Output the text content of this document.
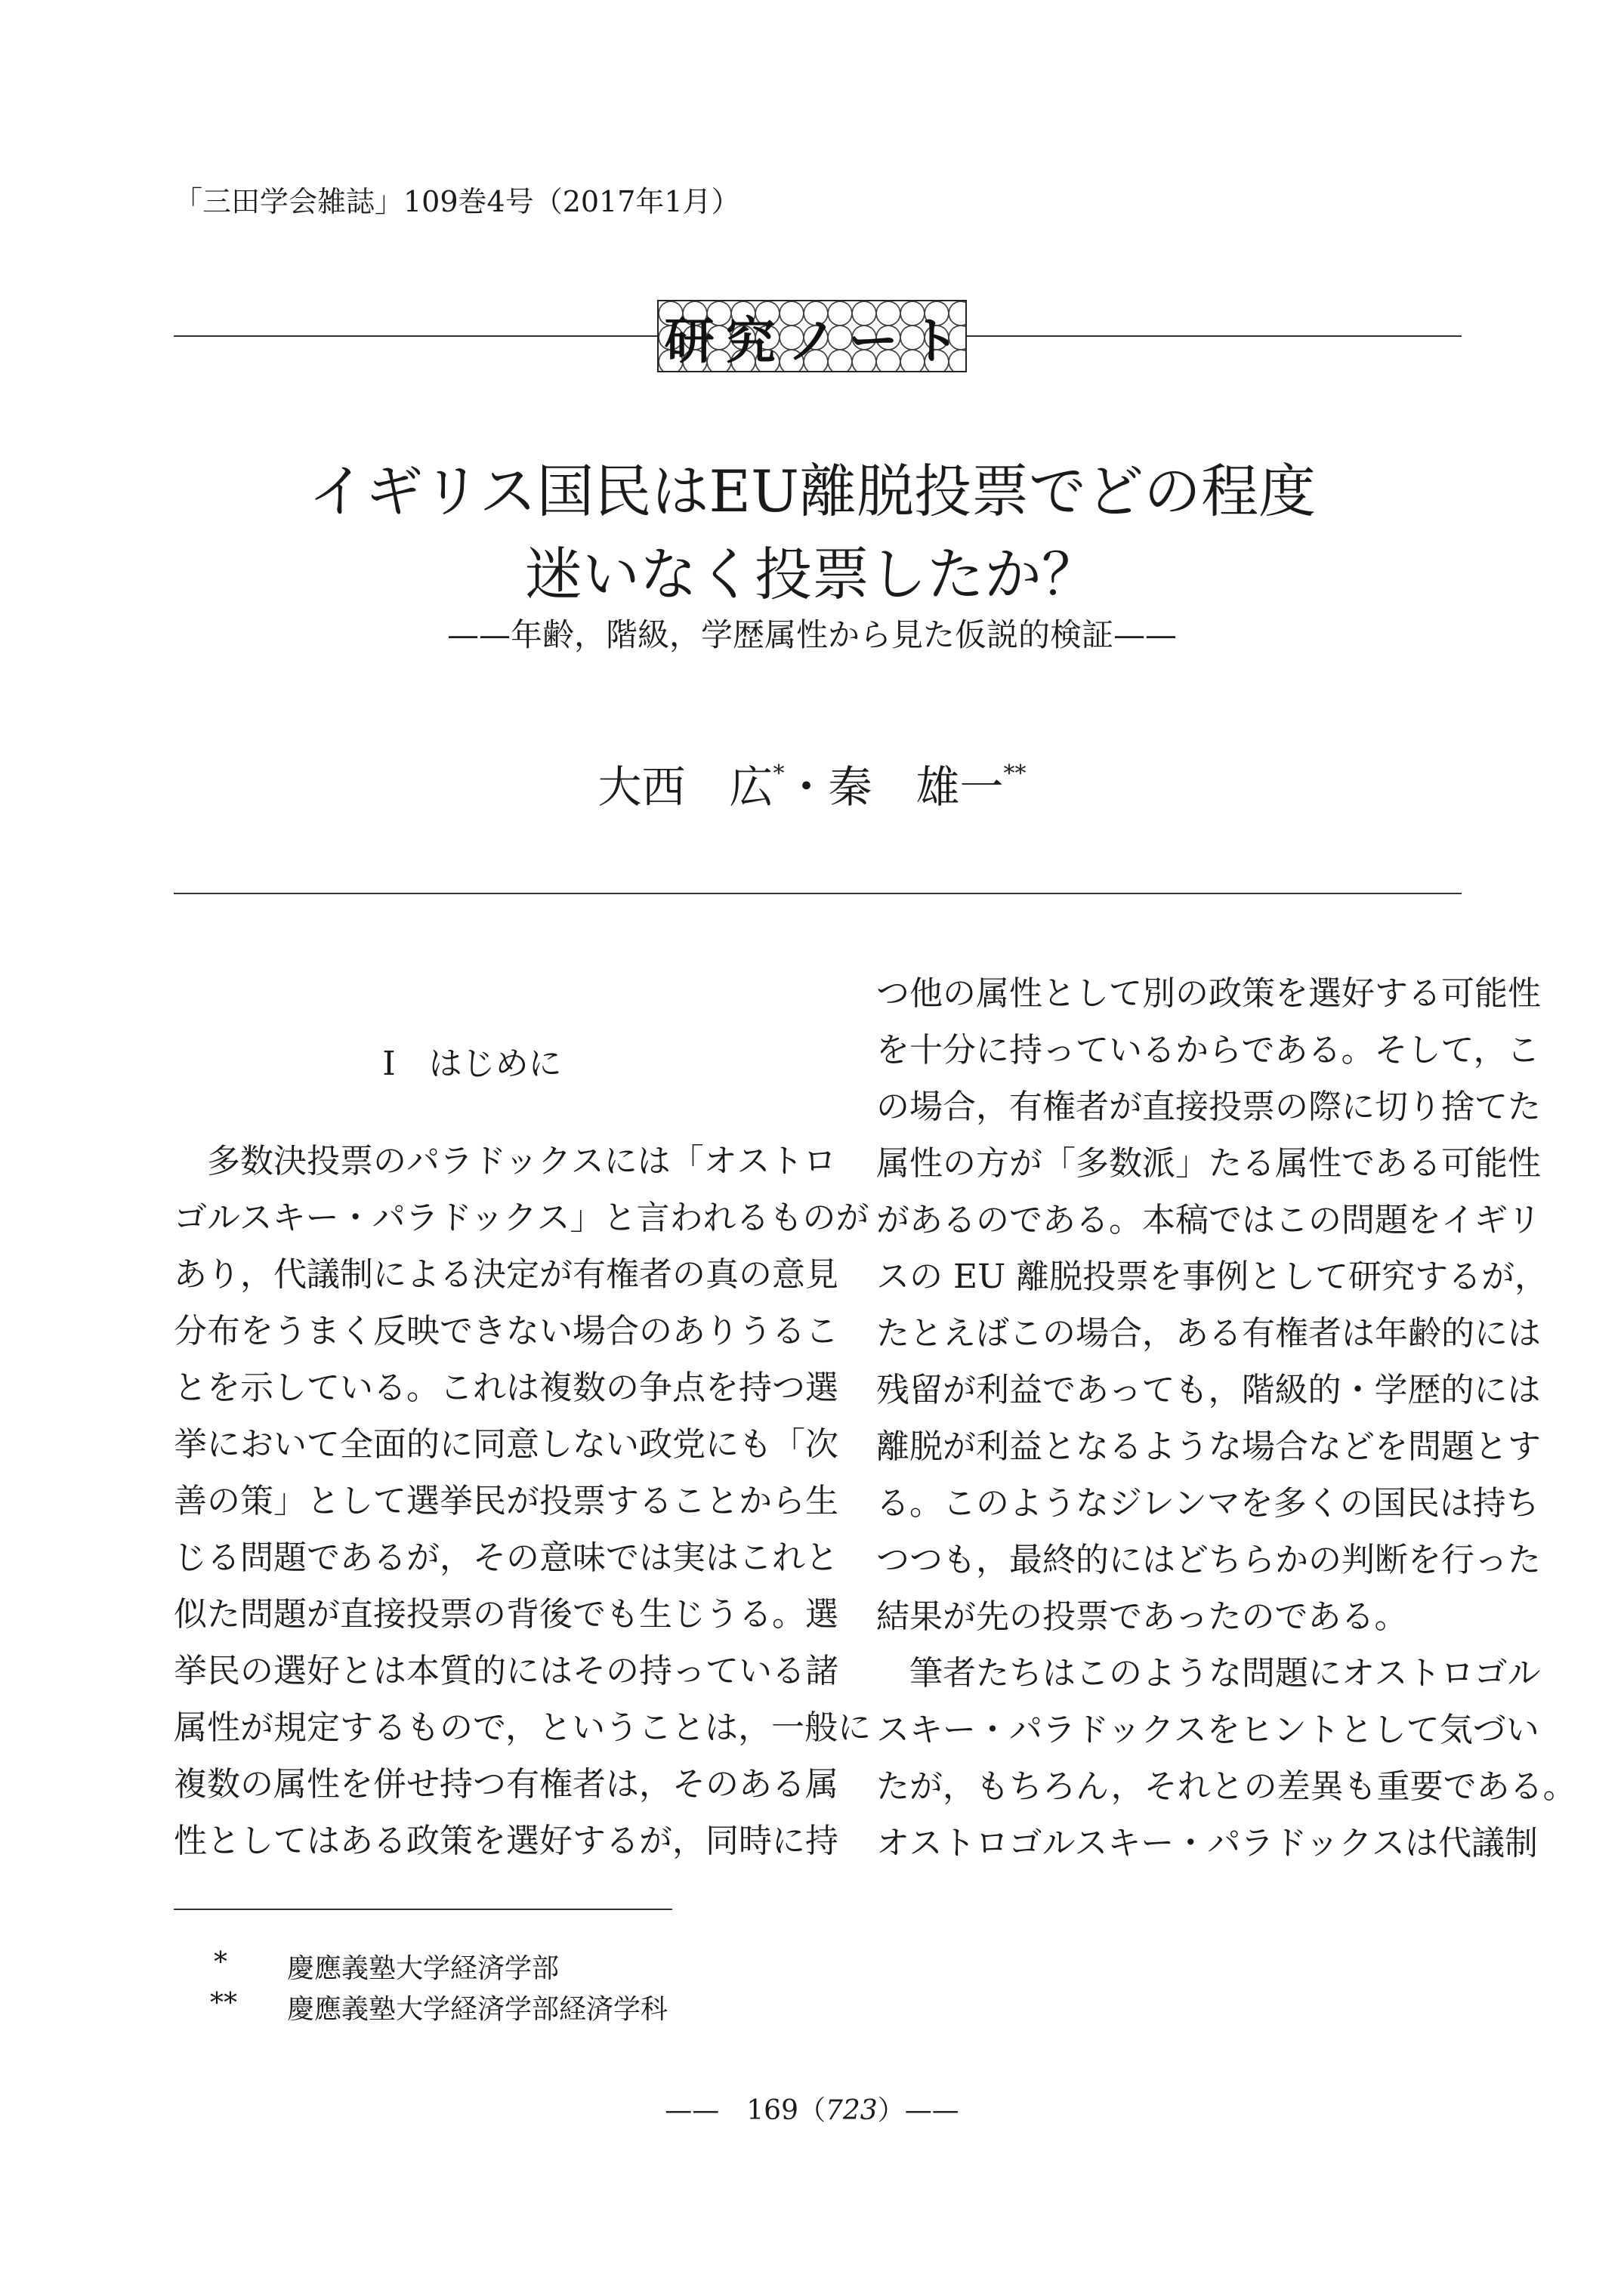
「三田学会雑誌」109巻4号（2017年1月）
研 究 ノ ー ト
イギリス国民はEU離脱投票でどの程度
迷いなく投票したか？
——年齢，階級，学歴属性から見た仮説的検証——
大西　広*・秦　雄一**
I　はじめに
　多数決投票のパラドックスには「オストロ
ゴルスキー・パラドックス」と言われるものが
あり，代議制による決定が有権者の真の意見
分布をうまく反映できない場合のありうるこ
とを示している。これは複数の争点を持つ選
挙において全面的に同意しない政党にも「次
善の策」として選挙民が投票することから生
じる問題であるが，その意味では実はこれと
似た問題が直接投票の背後でも生じうる。選
挙民の選好とは本質的にはその持っている諸
属性が規定するもので，ということは，一般に
複数の属性を併せ持つ有権者は，そのある属
性としてはある政策を選好するが，同時に持
つ他の属性として別の政策を選好する可能性
を十分に持っているからである。そして，こ
の場合，有権者が直接投票の際に切り捨てた
属性の方が「多数派」たる属性である可能性
があるのである。本稿ではこの問題をイギリ
スの EU 離脱投票を事例として研究するが，
たとえばこの場合，ある有権者は年齢的には
残留が利益であっても，階級的・学歴的には
離脱が利益となるような場合などを問題とす
る。このようなジレンマを多くの国民は持ち
つつも，最終的にはどちらかの判断を行った
結果が先の投票であったのである。
　筆者たちはこのような問題にオストロゴル
スキー・パラドックスをヒントとして気づい
たが，もちろん，それとの差異も重要である。
オストロゴルスキー・パラドックスは代議制
* 慶應義塾大学経済学部
** 慶應義塾大学経済学部経済学科
——　 169（723）——
